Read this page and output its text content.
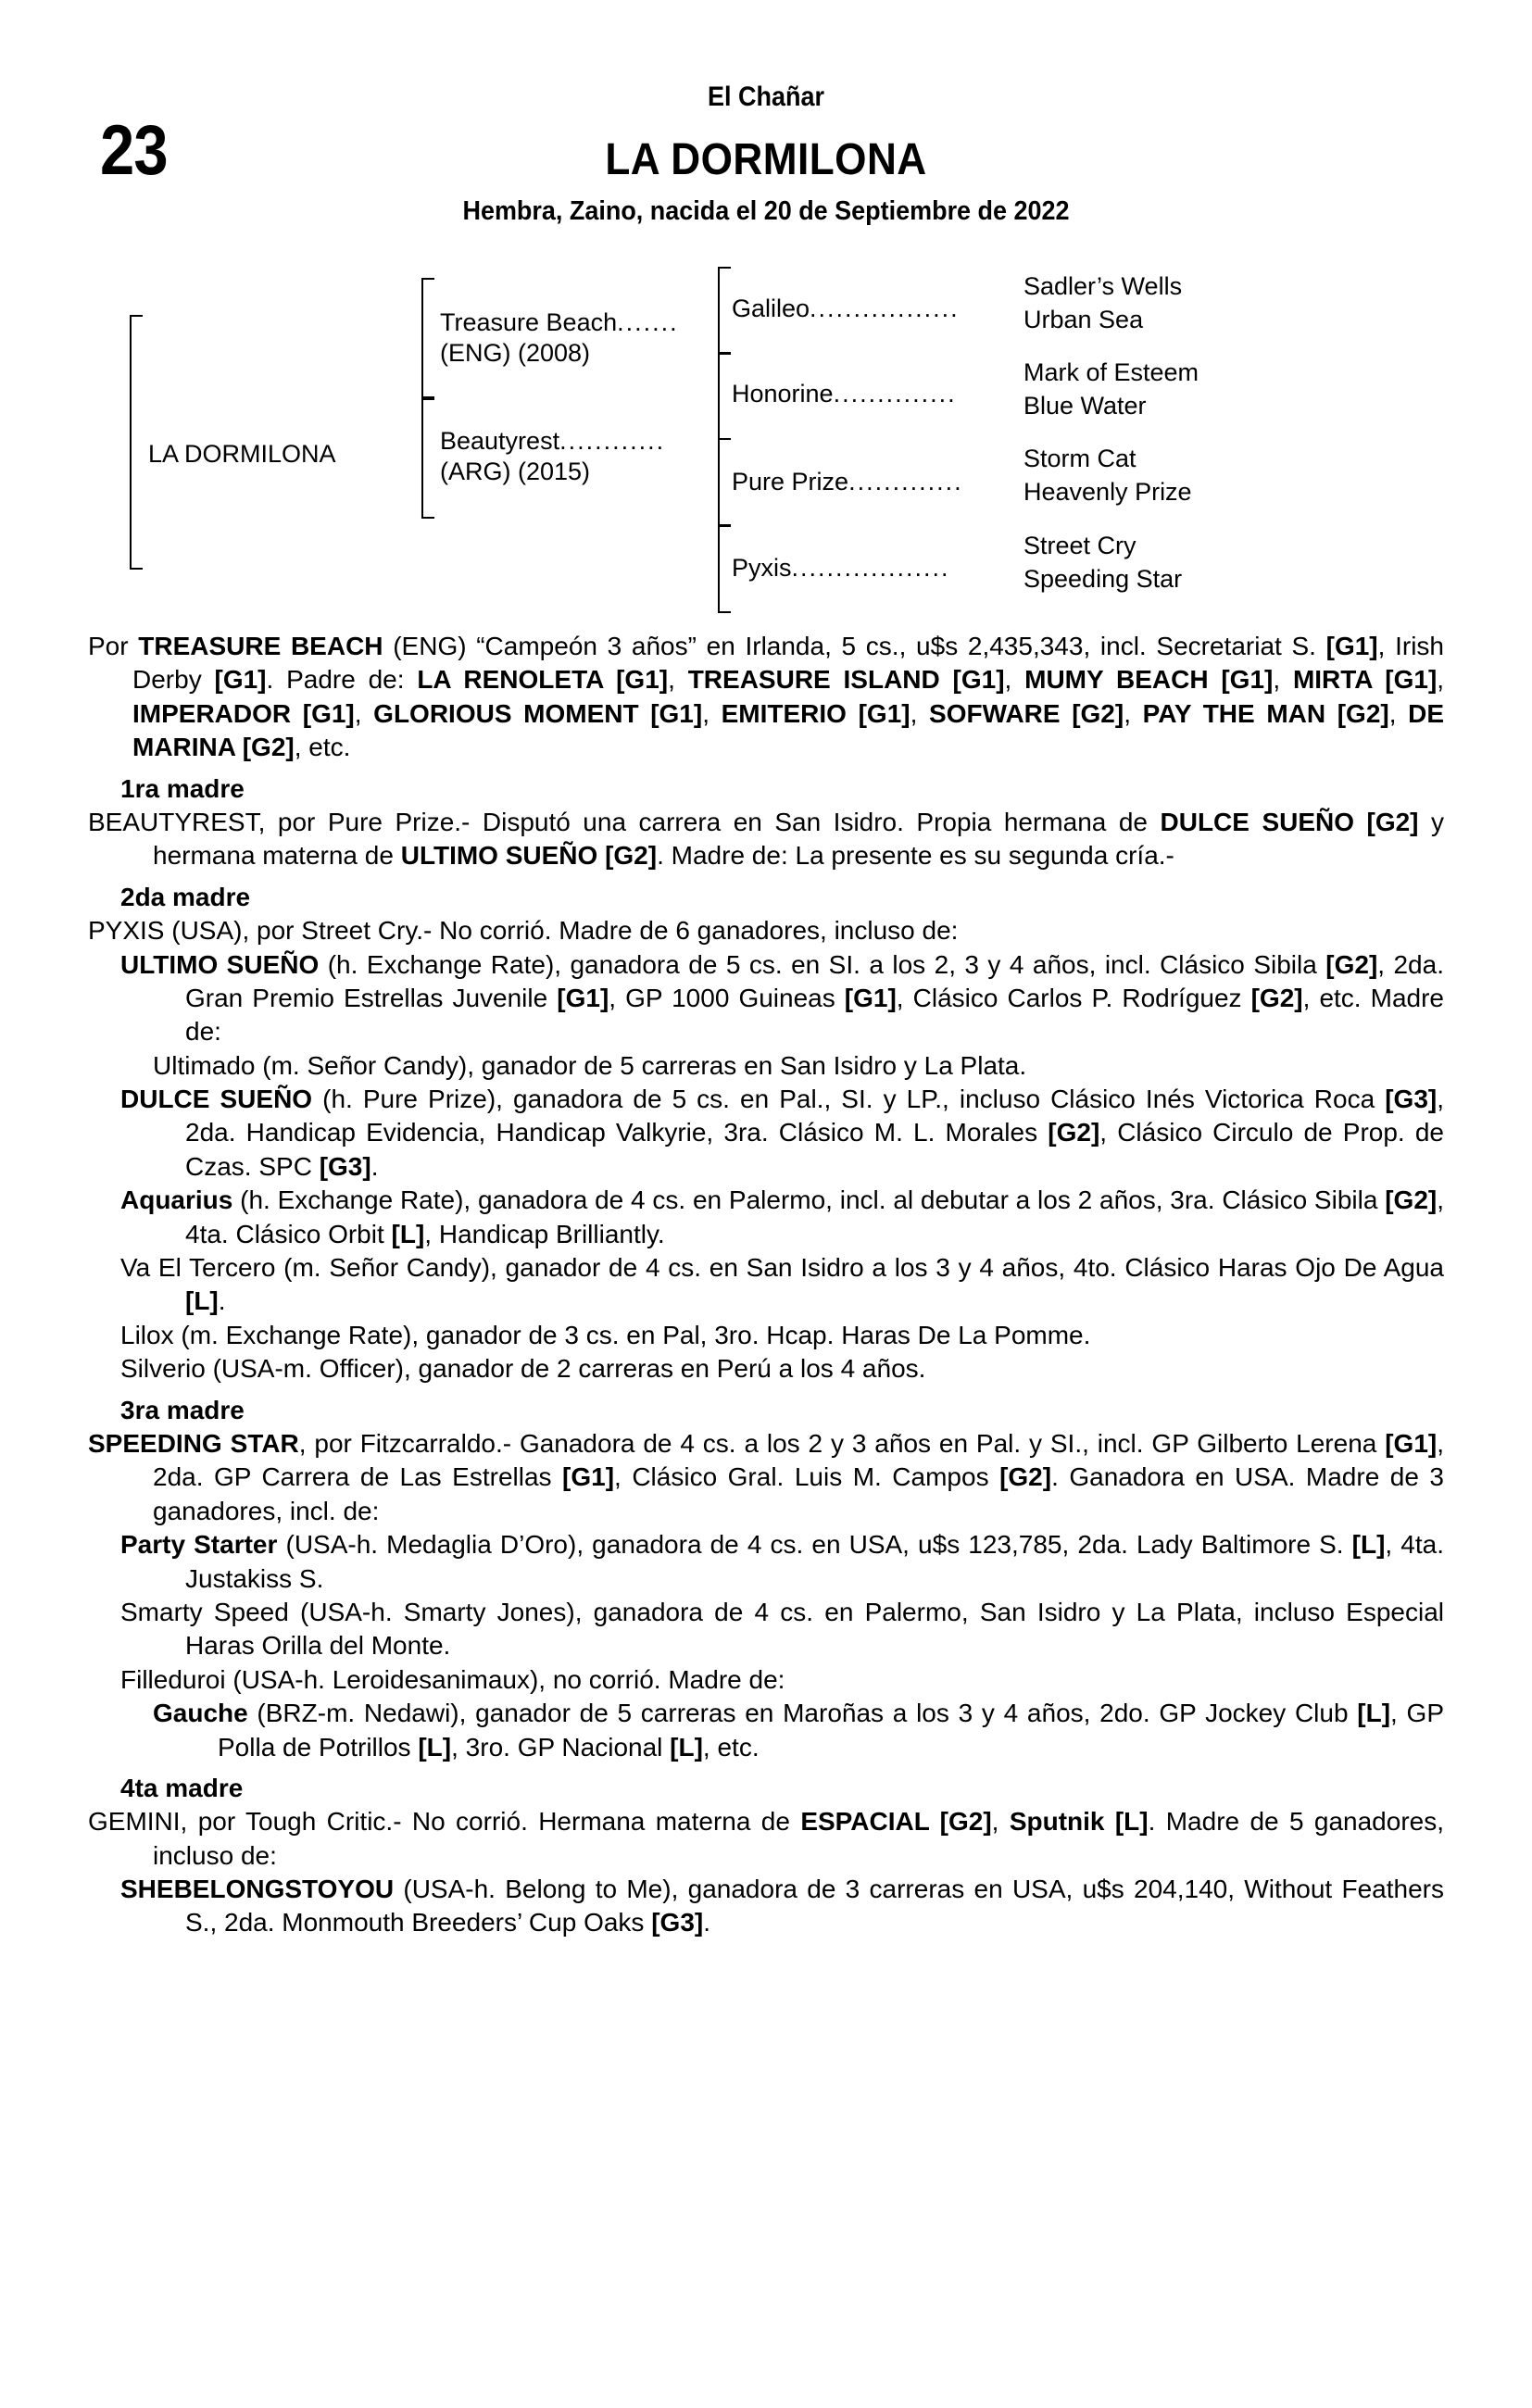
23
El Chañar
LA DORMILONA
Hembra, Zaino, nacida el 20 de Septiembre de 2022
LA DORMILONA
Treasure Beach.......
(ENG) (2008)
Beautyrest............
(ARG) (2015)
Galileo.................
Honorine..............
Pure Prize.............
Pyxis..................
Sadler’s Wells
Urban Sea
Mark of Esteem
Blue Water
Storm Cat
Heavenly Prize
Street Cry
Speeding Star

Por TREASURE BEACH (ENG) “Campeón 3 años” en Irlanda, 5 cs., u$s 2,435,343, incl. Secretariat S. [G1], Irish Derby [G1]. Padre de: LA RENOLETA [G1], TREASURE ISLAND [G1], MUMY BEACH [G1], MIRTA [G1], IMPERADOR [G1], GLORIOUS MOMENT [G1], EMITERIO [G1], SOFWARE [G2], PAY THE MAN [G2], DE MARINA [G2], etc.

1ra madre

BEAUTYREST, por Pure Prize.- Disputó una carrera en San Isidro. Propia hermana de DULCE SUEÑO [G2] y hermana materna de ULTIMO SUEÑO [G2]. Madre de: La presente es su segunda cría.-

2da madre

PYXIS (USA), por Street Cry.- No corrió. Madre de 6 ganadores, incluso de:

ULTIMO SUEÑO (h. Exchange Rate), ganadora de 5 cs. en SI. a los 2, 3 y 4 años, incl. Clásico Sibila [G2], 2da. Gran Premio Estrellas Juvenile [G1], GP 1000 Guineas [G1], Clásico Carlos P. Rodríguez [G2], etc. Madre de:

Ultimado (m. Señor Candy), ganador de 5 carreras en San Isidro y La Plata.

DULCE SUEÑO (h. Pure Prize), ganadora de 5 cs. en Pal., SI. y LP., incluso Clásico Inés Victorica Roca [G3], 2da. Handicap Evidencia, Handicap Valkyrie, 3ra. Clásico M. L. Morales [G2], Clásico Circulo de Prop. de Czas. SPC [G3].

Aquarius (h. Exchange Rate), ganadora de 4 cs. en Palermo, incl. al debutar a los 2 años, 3ra. Clásico Sibila [G2], 4ta. Clásico Orbit [L], Handicap Brilliantly.

Va El Tercero (m. Señor Candy), ganador de 4 cs. en San Isidro a los 3 y 4 años, 4to. Clásico Haras Ojo De Agua [L].

Lilox (m. Exchange Rate), ganador de 3 cs. en Pal, 3ro. Hcap. Haras De La Pomme.

Silverio (USA-m. Officer), ganador de 2 carreras en Perú a los 4 años.

3ra madre

SPEEDING STAR, por Fitzcarraldo.- Ganadora de 4 cs. a los 2 y 3 años en Pal. y SI., incl. GP Gilberto Lerena [G1], 2da. GP Carrera de Las Estrellas [G1], Clásico Gral. Luis M. Campos [G2]. Ganadora en USA. Madre de 3 ganadores, incl. de:

Party Starter (USA-h. Medaglia D’Oro), ganadora de 4 cs. en USA, u$s 123,785, 2da. Lady Baltimore S. [L], 4ta. Justakiss S.

Smarty Speed (USA-h. Smarty Jones), ganadora de 4 cs. en Palermo, San Isidro y La Plata, incluso Especial Haras Orilla del Monte.

Filleduroi (USA-h. Leroidesanimaux), no corrió. Madre de:

Gauche (BRZ-m. Nedawi), ganador de 5 carreras en Maroñas a los 3 y 4 años, 2do. GP Jockey Club [L], GP Polla de Potrillos [L], 3ro. GP Nacional [L], etc.

4ta madre

GEMINI, por Tough Critic.- No corrió. Hermana materna de ESPACIAL [G2], Sputnik [L]. Madre de 5 ganadores, incluso de:

SHEBELONGSTOYOU (USA-h. Belong to Me), ganadora de 3 carreras en USA, u$s 204,140, Without Feathers S., 2da. Monmouth Breeders’ Cup Oaks [G3].
